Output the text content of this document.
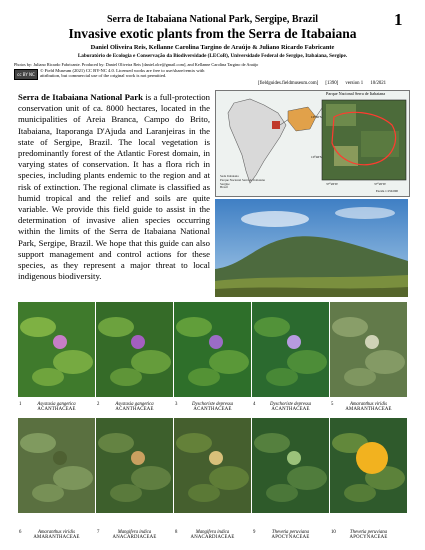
Serra de Itabaiana National Park, Sergipe, Brazil	1
Invasive exotic plants from the Serra de Itabaiana
Daniel Oliveira Reis, Kellanne Carolina Targino de Araújo & Juliano Ricardo Fabricante
Laboratório de Ecologia e Conservação da Biodiversidade (LECoB), Universidade Federal de Sergipe, Itabaiana, Sergipe.
Photos by: Juliano Ricardo Fabricante. Produced by: Daniel Oliveira Reis [daniel.olre@gmail.com], and Kellanne Carolina Targino de Araújo
cc BY NC
© Field Museum (2021) CC BY-NC 4.0. Licensed works are free to use/share/remix with attribution, but commercial use of the original work is not permitted.
[fieldguides.fieldmuseum.com] [1390] version 1 10/2021
Serra de Itabaiana National Park is a full-protection conservation unit of ca. 8000 hectares, located in the municipalities of Areia Branca, Campo do Brito, Itabaiana, Itaporanga D'Ajuda and Laranjeiras in the state of Sergipe, Brazil. The local vegetation is predominantly forest of the Atlantic Forest domain, in varying states of conservation. It has a flora rich in species, including plants endemic to the region and at risk of extinction. The regional climate is classified as humid tropical and the relief and soils are quite variable. We provide this field guide to assist in the determination of invasive alien species occurring within the limits of the Serra de Itabaiana National Park, Sergipe, Brazil. We hope that this guide can also support management and control actions for these species, as they represent a major threat to local indigenous biodiversity.
Parque Nacional Serra de Itabaiana
Sede Itabaiana
Parque Nacional Serra de Itabaiana
Sergipe
Brasil
37°26'W	37°20'W
10°40'S
10°46'S
Escala 1:150.000
1	Asystasia gangetica
ACANTHACEAE
2	Asystasia gangetica
ACANTHACEAE
3	Dyschoriste depressa
ACANTHACEAE
4	Dyschoriste depressa
ACANTHACEAE
5	Amaranthus viridis
AMARANTHACEAE
6	Amaranthus viridis
AMARANTHACEAE
7	Mangifera indica
ANACARDIACEAE
8	Mangifera indica
ANACARDIACEAE
9	Thevetia peruviana
APOCYNACEAE
10	Thevetia peruviana
APOCYNACEAE
